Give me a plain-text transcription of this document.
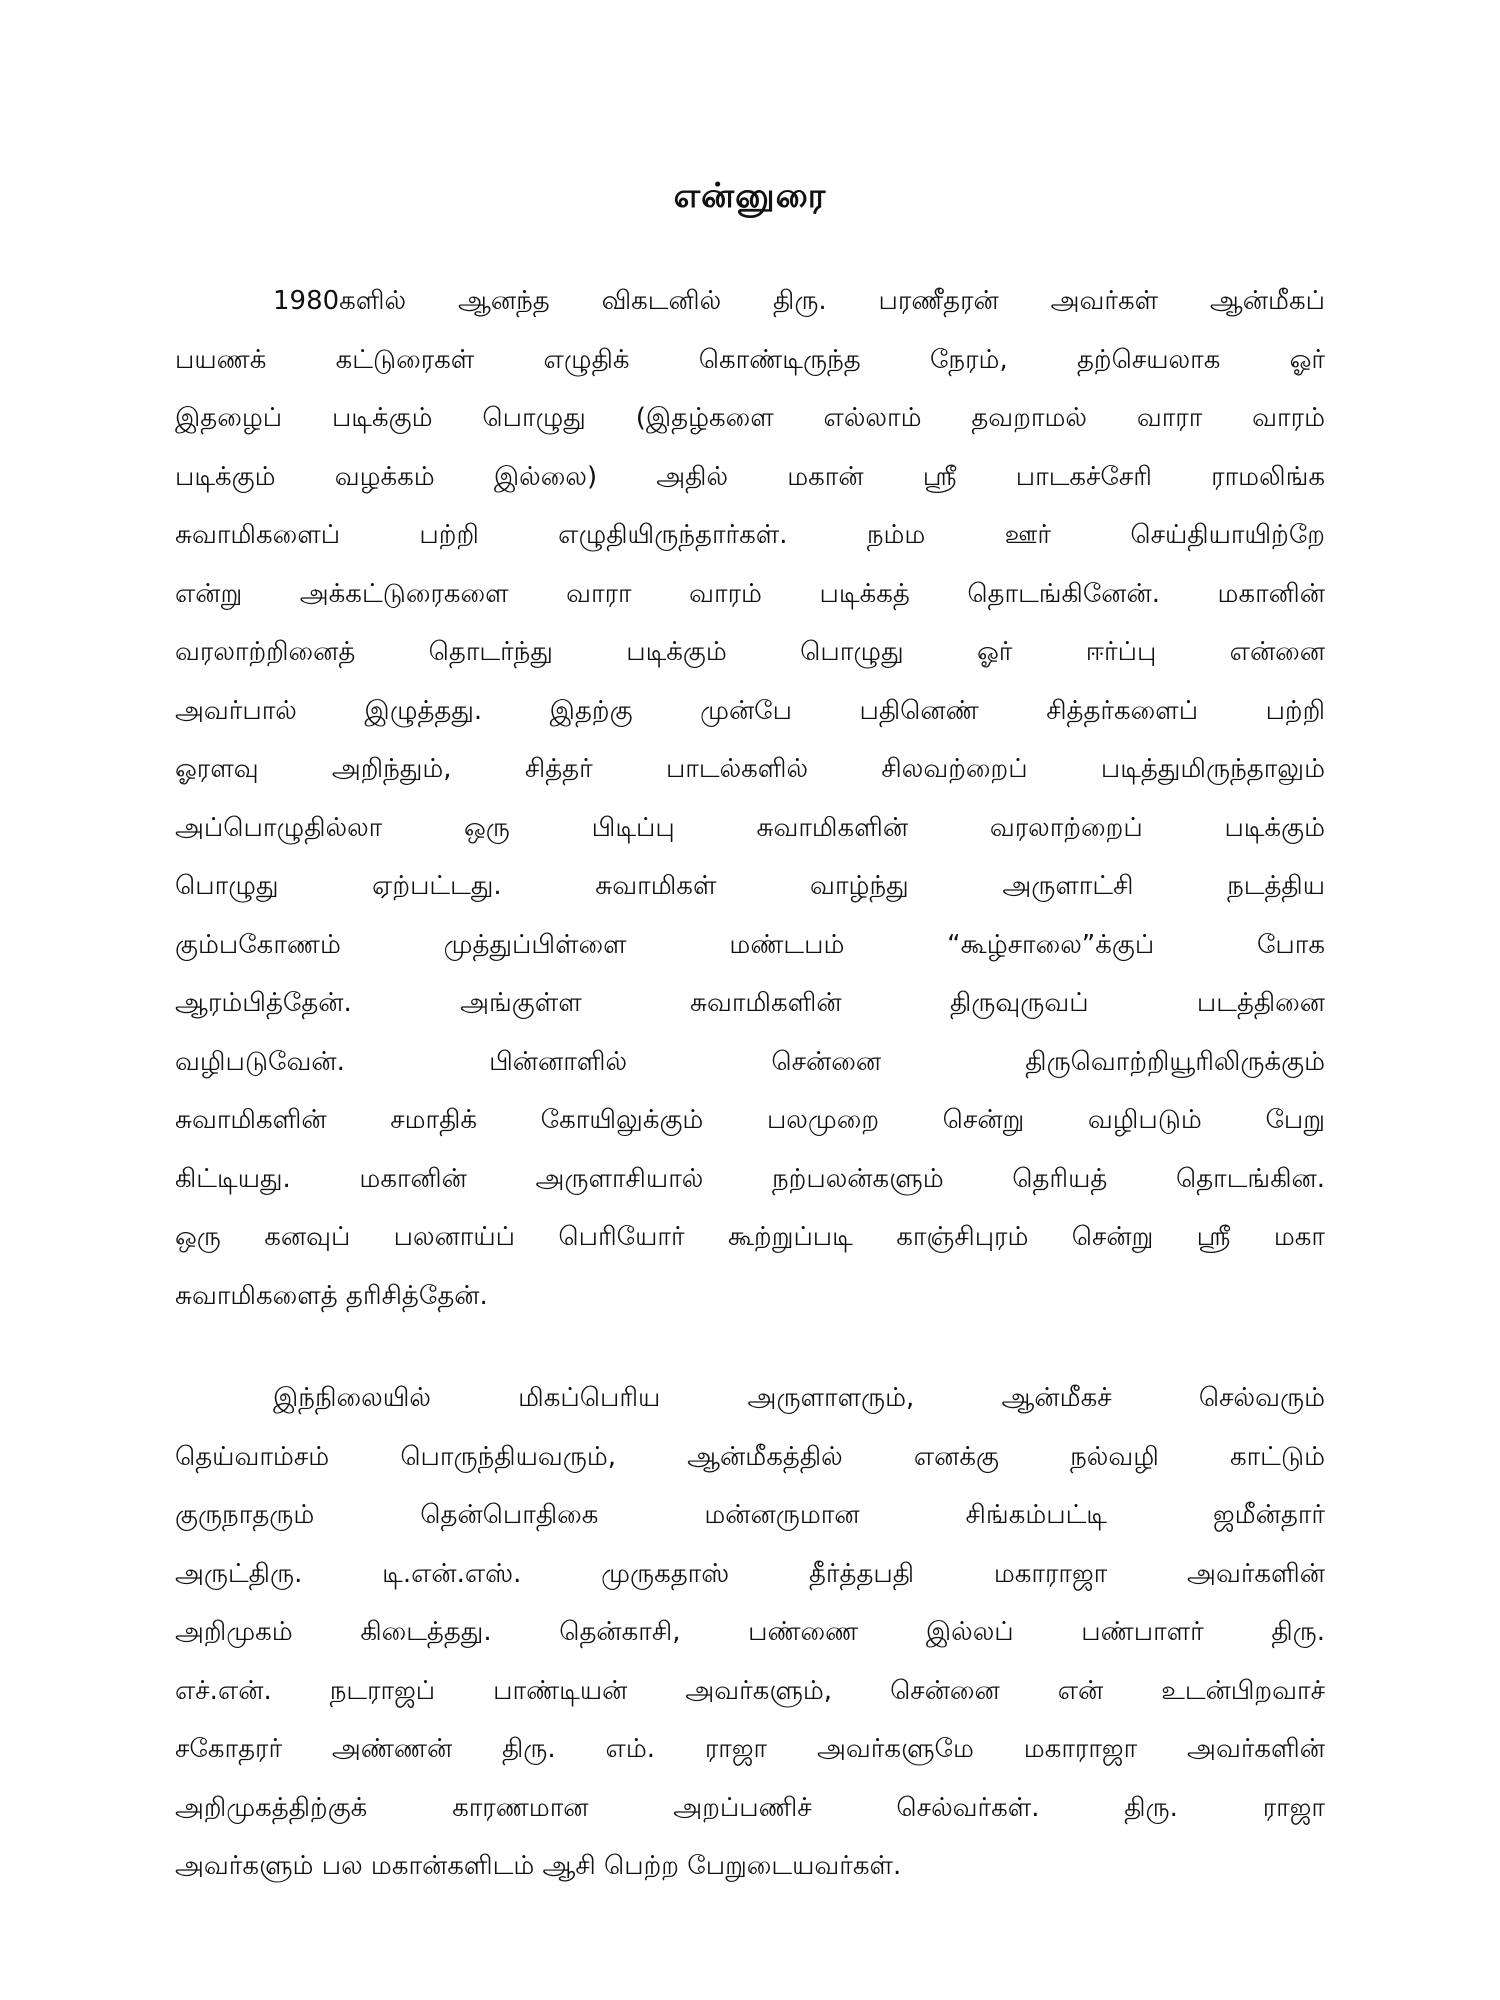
என்னுரை
1980களில் ஆனந்த விகடனில் திரு. பரணீதரன் அவர்கள் ஆன்மீகப்
பயணக் கட்டுரைகள் எழுதிக் கொண்டிருந்த நேரம், தற்செயலாக ஓர்
இதழைப் படிக்கும் பொழுது (இதழ்களை எல்லாம் தவறாமல் வாரா வாரம்
படிக்கும் வழக்கம் இல்லை) அதில் மகான் ஸ்ரீ பாடகச்சேரி ராமலிங்க
சுவாமிகளைப் பற்றி எழுதியிருந்தார்கள். நம்ம ஊர் செய்தியாயிற்றே
என்று அக்கட்டுரைகளை வாரா வாரம் படிக்கத் தொடங்கினேன். மகானின்
வரலாற்றினைத் தொடர்ந்து படிக்கும் பொழுது ஓர் ஈர்ப்பு என்னை
அவர்பால் இழுத்தது. இதற்கு முன்பே பதினெண் சித்தர்களைப் பற்றி
ஓரளவு அறிந்தும், சித்தர் பாடல்களில் சிலவற்றைப் படித்துமிருந்தாலும்
அப்பொழுதில்லா ஒரு பிடிப்பு சுவாமிகளின் வரலாற்றைப் படிக்கும்
பொழுது ஏற்பட்டது. சுவாமிகள் வாழ்ந்து அருளாட்சி நடத்திய
கும்பகோணம் முத்துப்பிள்ளை மண்டபம் “கூழ்சாலை”க்குப் போக
ஆரம்பித்தேன். அங்குள்ள சுவாமிகளின் திருவுருவப் படத்தினை
வழிபடுவேன். பின்னாளில் சென்னை திருவொற்றியூரிலிருக்கும்
சுவாமிகளின் சமாதிக் கோயிலுக்கும் பலமுறை சென்று வழிபடும் பேறு
கிட்டியது. மகானின் அருளாசியால் நற்பலன்களும் தெரியத் தொடங்கின.
ஒரு கனவுப் பலனாய்ப் பெரியோர் கூற்றுப்படி காஞ்சிபுரம் சென்று ஸ்ரீ மகா
சுவாமிகளைத் தரிசித்தேன்.
இந்நிலையில் மிகப்பெரிய அருளாளரும், ஆன்மீகச் செல்வரும்
தெய்வாம்சம் பொருந்தியவரும், ஆன்மீகத்தில் எனக்கு நல்வழி காட்டும்
குருநாதரும் தென்பொதிகை மன்னருமான சிங்கம்பட்டி ஜமீன்தார்
அருட்திரு. டி.என்.எஸ். முருகதாஸ் தீர்த்தபதி மகாராஜா அவர்களின்
அறிமுகம் கிடைத்தது. தென்காசி, பண்ணை இல்லப் பண்பாளர் திரு.
எச்.என். நடராஜப் பாண்டியன் அவர்களும், சென்னை என் உடன்பிறவாச்
சகோதரர் அண்ணன் திரு. எம். ராஜா அவர்களுமே மகாராஜா அவர்களின்
அறிமுகத்திற்குக் காரணமான அறப்பணிச் செல்வர்கள். திரு. ராஜா
அவர்களும் பல மகான்களிடம் ஆசி பெற்ற பேறுடையவர்கள்.
